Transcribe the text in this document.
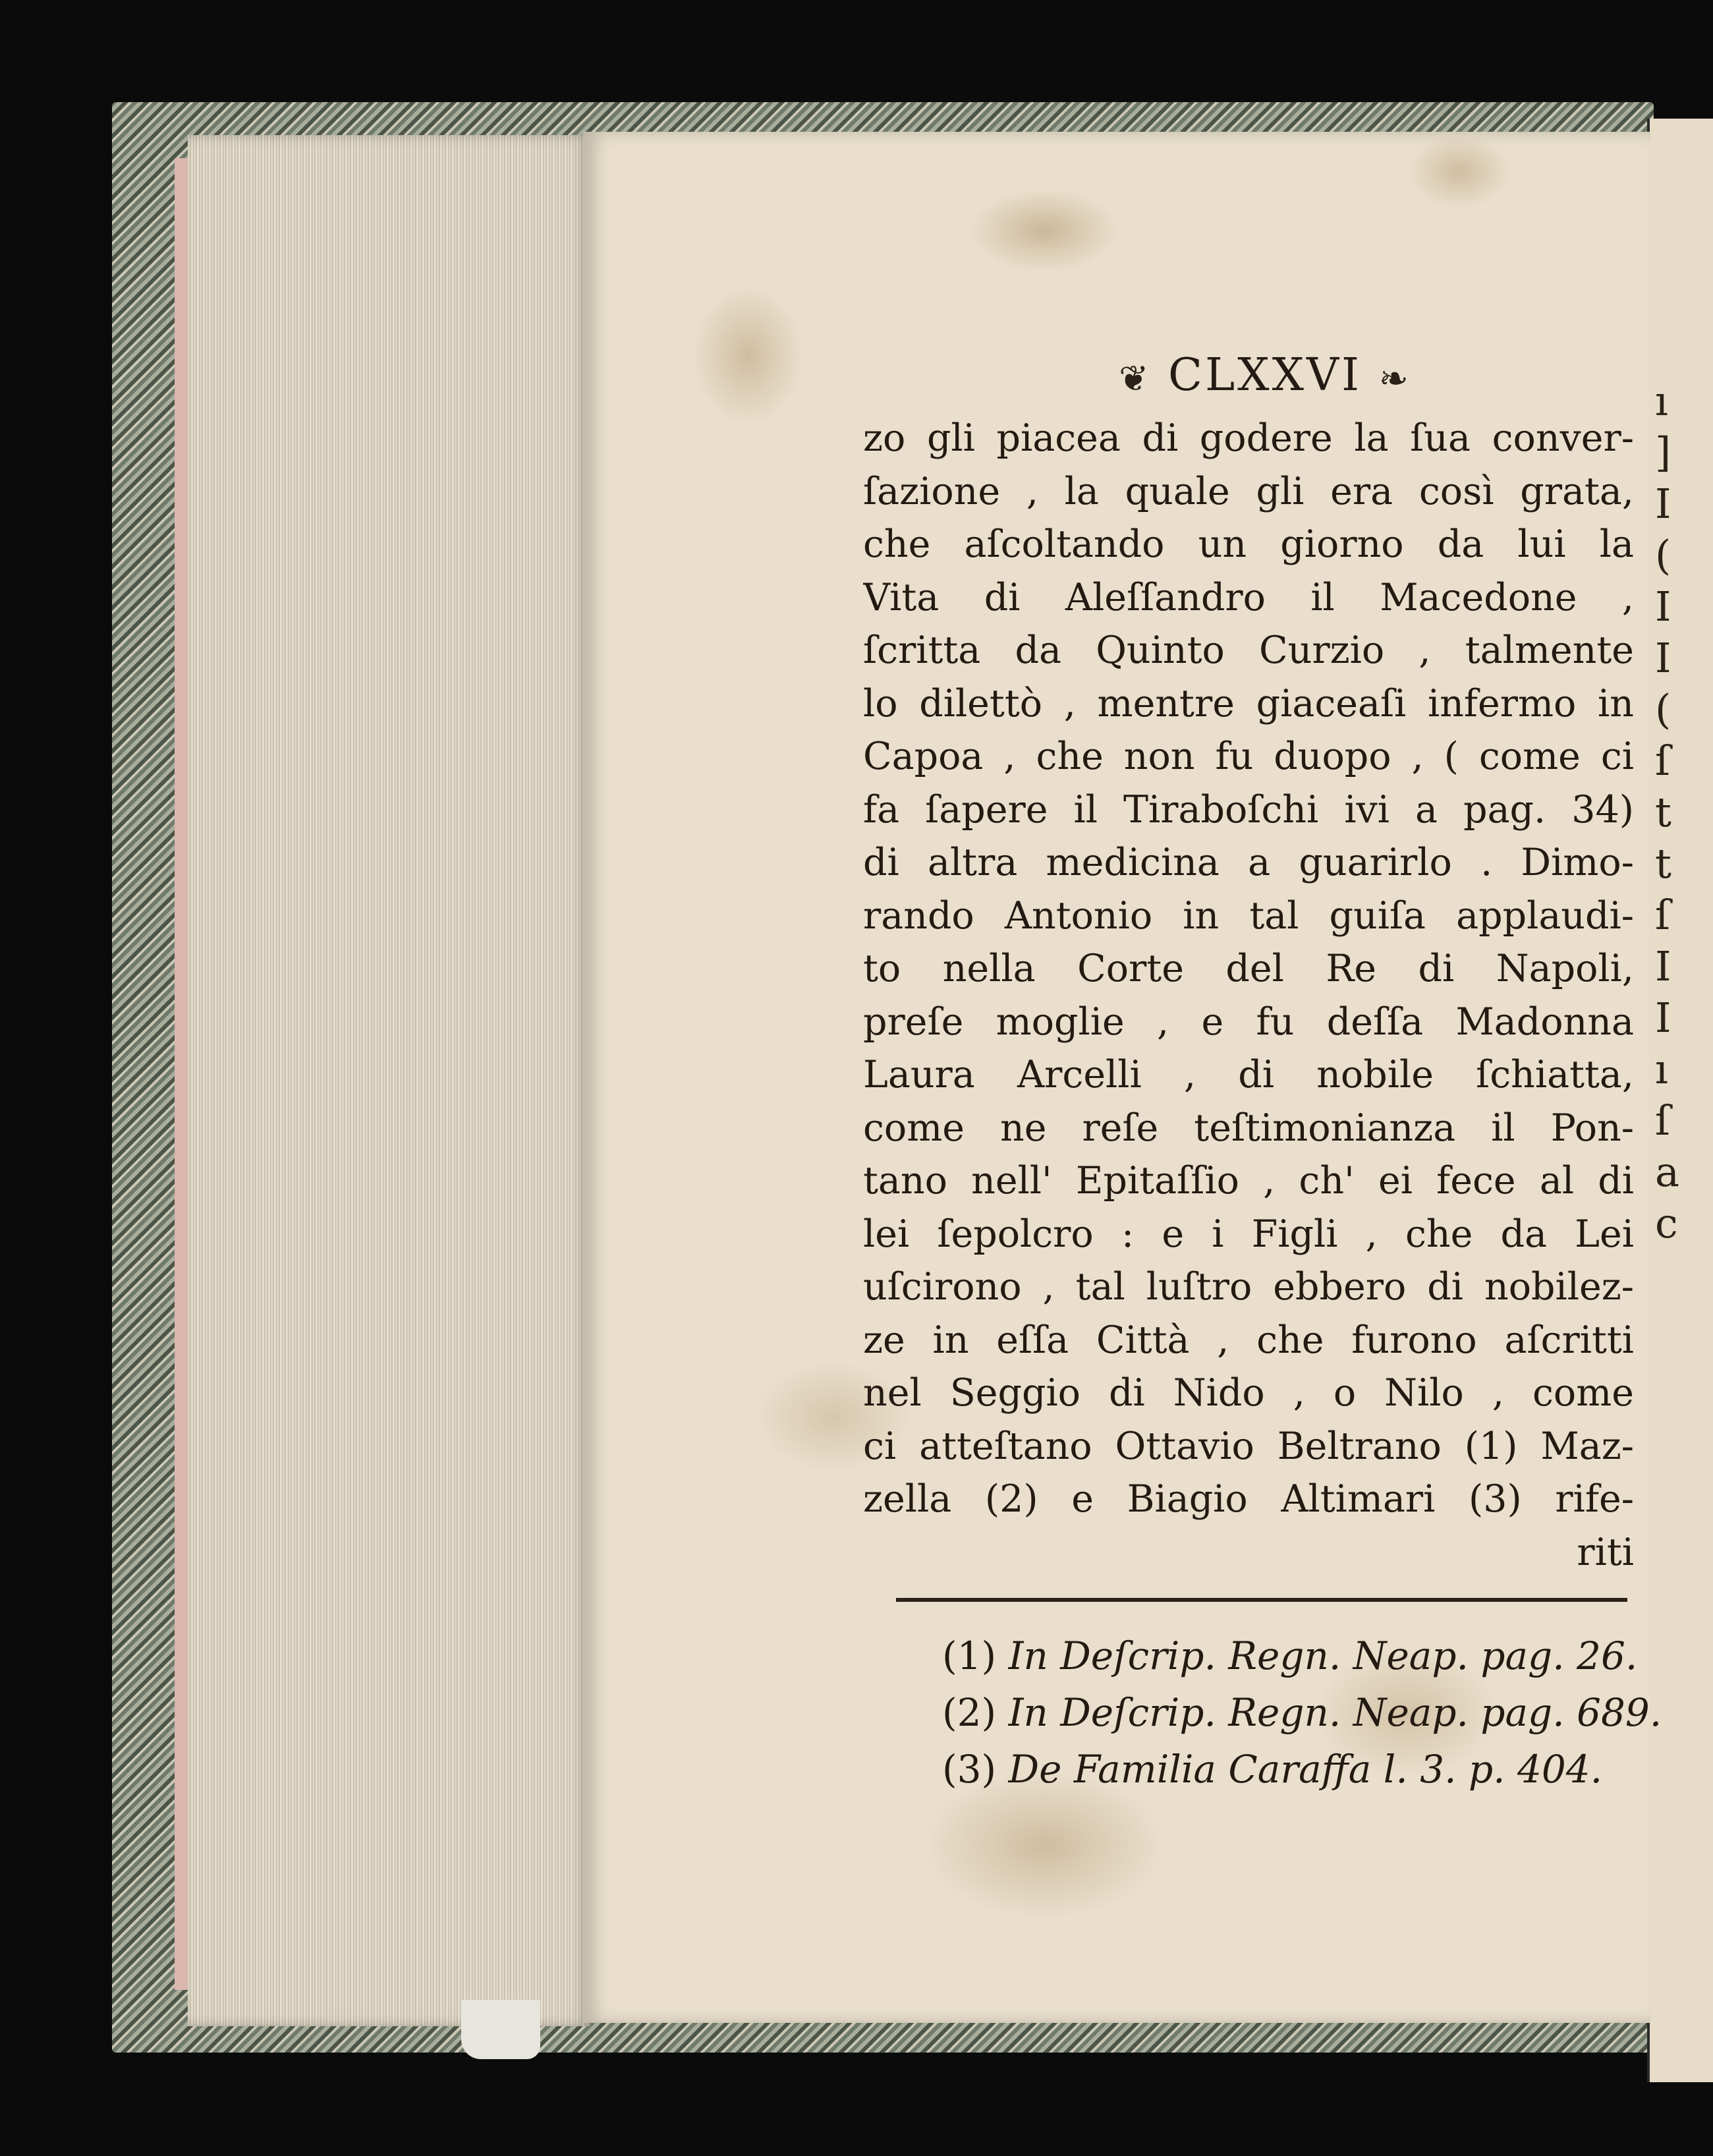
ı
]
I
(
I
I
(
ſ
t
t
ſ
I
I
ı
ſ
a
c
❦ CLXXVI ❧
zo gli piacea di godere la ſua conver-
ſazione , la quale gli era così grata,
che aſcoltando un giorno da lui la
Vita di Aleſſandro il Macedone ,
ſcritta da Quinto Curzio , talmente
lo dilettò , mentre giaceaſi infermo in
Capoa , che non fu duopo , ( come ci
fa ſapere il Tiraboſchi ivi a pag. 34)
di altra medicina a guarirlo . Dimo-
rando Antonio in tal guiſa applaudi-
to nella Corte del Re di Napoli,
preſe moglie , e fu deſſa Madonna
Laura Arcelli , di nobile ſchiatta,
come ne reſe teſtimonianza il Pon-
tano nell' Epitaſſio , ch' ei fece al di
lei ſepolcro : e i Figli , che da Lei
uſcirono , tal luſtro ebbero di nobilez-
ze in eſſa Città , che furono aſcritti
nel Seggio di Nido , o Nilo , come
ci atteſtano Ottavio Beltrano (1) Maz-
zella (2) e Biagio Altimari (3) rife-
riti
(1) In Deſcrip. Regn. Neap. pag. 26.
(2) In Deſcrip. Regn. Neap. pag. 689.
(3) De Familia Caraffa l. 3. p. 404.
